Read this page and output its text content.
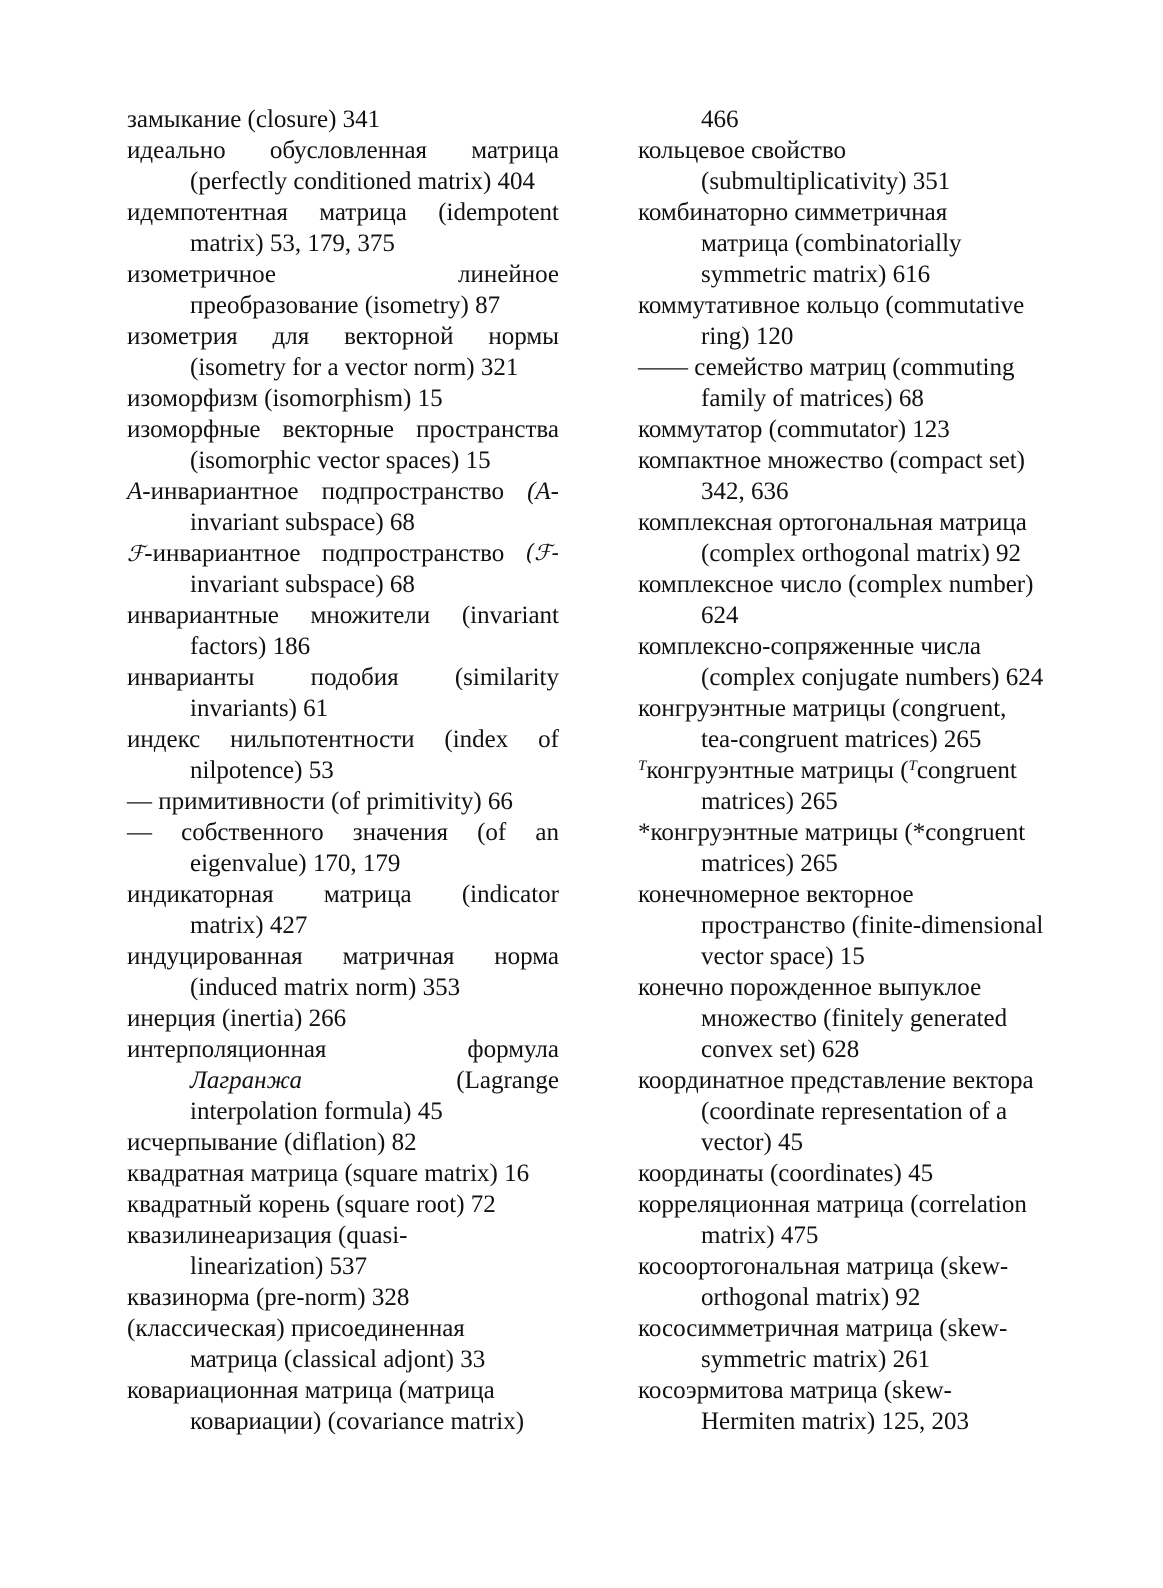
замыкание (closure) 341
идеально обусловленная матрица
(perfectly conditioned matrix) 404
идемпотентная матрица (idempotent
matrix) 53, 179, 375
изометричное	линейное
преобразование (isometry) 87
изометрия для векторной нормы
(isometry for a vector norm) 321
изоморфизм (isomorphism) 15
изоморфные векторные пространства
(isomorphic vector spaces) 15
A-инвариантное подпространство (A-
invariant subspace) 68
ℱ-инвариантное подпространство (ℱ-
invariant subspace) 68
инвариантные множители (invariant
factors) 186
инварианты подобия (similarity
invariants) 61
индекс нильпотентности (index of
nilpotence) 53
— примитивности (of primitivity) 66
— собственного значения (of an
eigenvalue) 170, 179
индикаторная матрица (indicator
matrix) 427
индуцированная матричная норма
(induced matrix norm) 353
инерция (inertia) 266
интерполяционная	формула
Лагранжа	(Lagrange
interpolation formula) 45
исчерпывание (diflation) 82
квадратная матрица (square matrix) 16
квадратный корень (square root) 72
квазилинеаризация (quasi-
linearization) 537
квазинорма (pre-norm) 328
(классическая) присоединенная
матрица (classical adjont) 33
ковариационная матрица (матрица
ковариации) (covariance matrix)
466
кольцевое свойство
(submultiplicativity) 351
комбинаторно симметричная
матрица (combinatorially
symmetric matrix) 616
коммутативное кольцо (commutative
ring) 120
—— семейство матриц (commuting
family of matrices) 68
коммутатор (commutator) 123
компактное множество (compact set)
342, 636
комплексная ортогональная матрица
(complex orthogonal matrix) 92
комплексное число (complex number)
624
комплексно-сопряженные числа
(complex conjugate numbers) 624
конгруэнтные матрицы (congruent,
tea-congruent matrices) 265
$^T$конгруэнтные матрицы ($^T$congruent
matrices) 265
*конгруэнтные матрицы (*congruent
matrices) 265
конечномерное векторное
пространство (finite-dimensional
vector space) 15
конечно порожденное выпуклое
множество (finitely generated
convex set) 628
координатное представление вектора
(coordinate representation of a
vector) 45
координаты (coordinates) 45
корреляционная матрица (correlation
matrix) 475
косоортогональная матрица (skew-
orthogonal matrix) 92
кососимметричная матрица (skew-
symmetric matrix) 261
косоэрмитова матрица (skew-
Hermiten matrix) 125, 203
